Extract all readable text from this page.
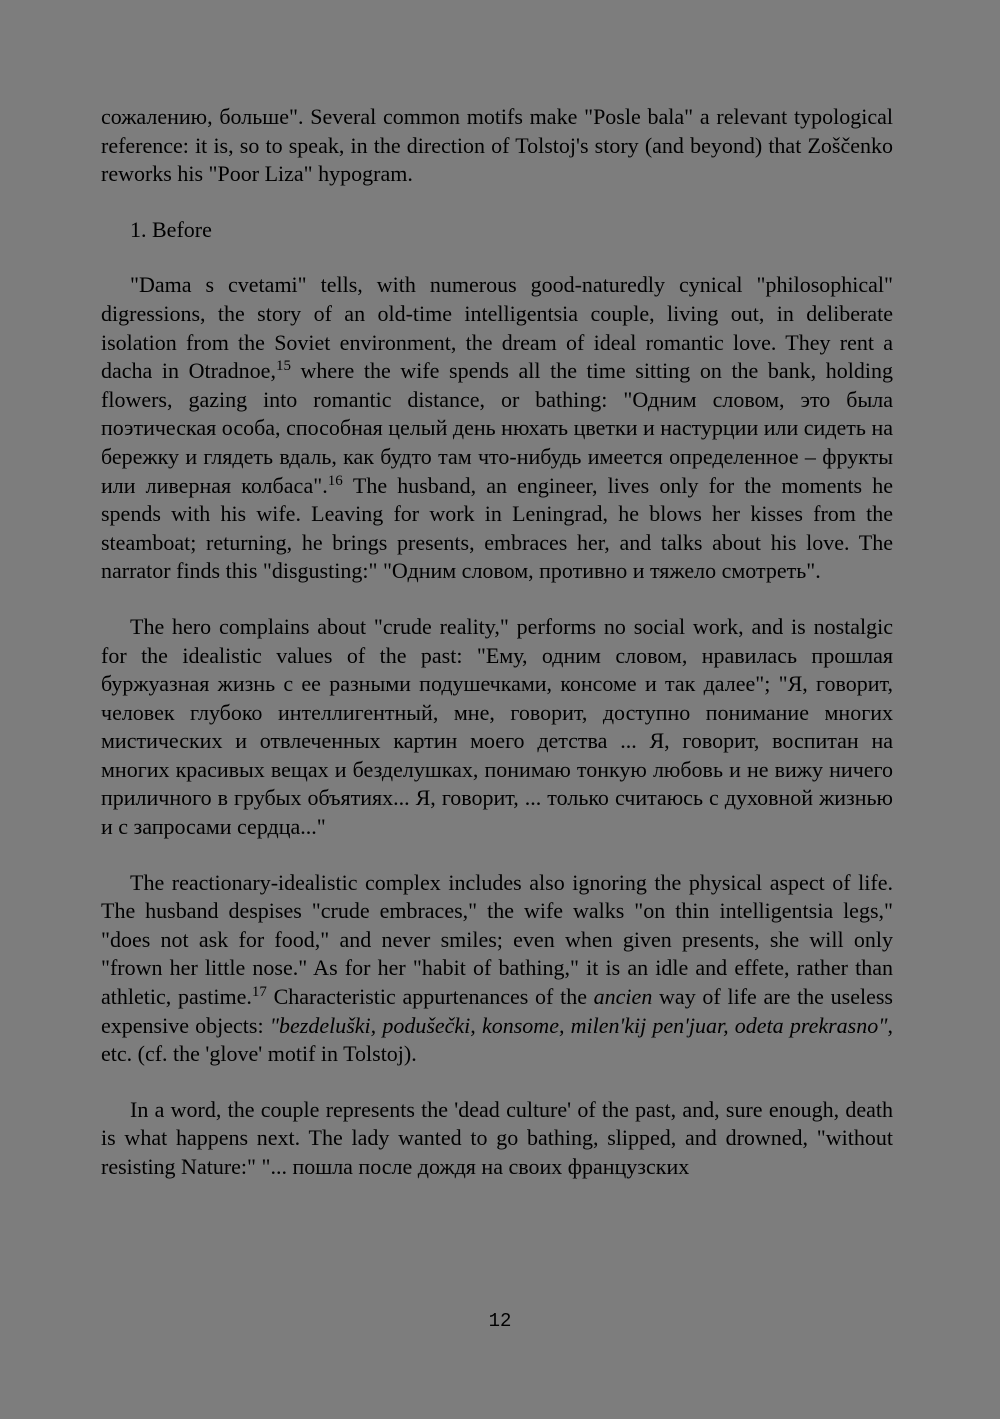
сожалению, больше". Several common motifs make "Posle bala" a relevant typological reference: it is, so to speak, in the direction of Tolstoj's story (and beyond) that Zoščenko reworks his "Poor Liza" hypogram.

1. Before

"Dama s cvetami" tells, with numerous good-naturedly cynical "philosophical" digressions, the story of an old-time intelligentsia couple, living out, in deliberate isolation from the Soviet environment, the dream of ideal romantic love. They rent a dacha in Otradnoe,$^{15}$ where the wife spends all the time sitting on the bank, holding flowers, gazing into romantic distance, or bathing: "Одним словом, это была поэтическая особа, способная целый день нюхать цветки и настурции или сидеть на бережку и глядеть вдаль, как будто там что-нибудь имеется определенное – фрукты или ливерная колбаса".$^{16}$ The husband, an engineer, lives only for the moments he spends with his wife. Leaving for work in Leningrad, he blows her kisses from the steamboat; returning, he brings presents, embraces her, and talks about his love. The narrator finds this "disgusting:" "Одним словом, противно и тяжело смотреть".

The hero complains about "crude reality," performs no social work, and is nostalgic for the idealistic values of the past: "Ему, одним словом, нравилась прошлая буржуазная жизнь с ее разными подушечками, консоме и так далее"; "Я, говорит, человек глубоко интеллигентный, мне, говорит, доступно понимание многих мистических и отвлеченных картин моего детства ... Я, говорит, воспитан на многих красивых вещах и безделушках, понимаю тонкую любовь и не вижу ничего приличного в грубых объятиях... Я, говорит, ... только считаюсь с духовной жизнью и с запросами сердца..."

The reactionary-idealistic complex includes also ignoring the physical aspect of life. The husband despises "crude embraces," the wife walks "on thin intelligentsia legs," "does not ask for food," and never smiles; even when given presents, she will only "frown her little nose." As for her "habit of bathing," it is an idle and effete, rather than athletic, pastime.$^{17}$ Characteristic appurtenances of the ancien way of life are the useless expensive objects: "bezdeluški, podušečki, konsome, milen'kij pen'juar, odeta prekrasno", etc. (cf. the 'glove' motif in Tolstoj).

In a word, the couple represents the 'dead culture' of the past, and, sure enough, death is what happens next. The lady wanted to go bathing, slipped, and drowned, "without resisting Nature:" "... пошла после дождя на своих французских

12
